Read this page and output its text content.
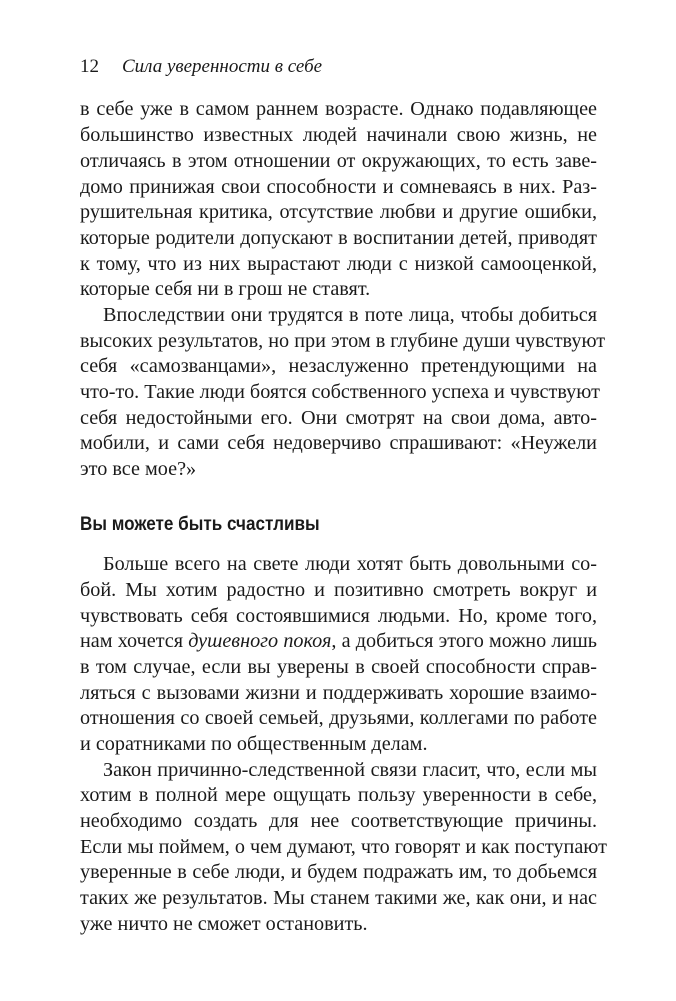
12 Сила уверенности в себе
в себе уже в самом раннем возрасте. Однако подавляющее
большинство известных людей начинали свою жизнь, не
отличаясь в этом отношении от окружающих, то есть заве-
домо принижая свои способности и сомневаясь в них. Раз-
рушительная критика, отсутствие любви и другие ошибки,
которые родители допускают в воспитании детей, приводят
к тому, что из них вырастают люди с низкой самооценкой,
которые себя ни в грош не ставят.
Впоследствии они трудятся в поте лица, чтобы добиться
высоких результатов, но при этом в глубине души чувствуют
себя «самозванцами», незаслуженно претендующими на
что-то. Такие люди боятся собственного успеха и чувствуют
себя недостойными его. Они смотрят на свои дома, авто-
мобили, и сами себя недоверчиво спрашивают: «Неужели
это все мое?»
Вы можете быть счастливы
Больше всего на свете люди хотят быть довольными со-
бой. Мы хотим радостно и позитивно смотреть вокруг и
чувствовать себя состоявшимися людьми. Но, кроме того,
нам хочется душевного покоя, а добиться этого можно лишь
в том случае, если вы уверены в своей способности справ-
ляться с вызовами жизни и поддерживать хорошие взаимо-
отношения со своей семьей, друзьями, коллегами по работе
и соратниками по общественным делам.
Закон причинно-следственной связи гласит, что, если мы
хотим в полной мере ощущать пользу уверенности в себе,
необходимо создать для нее соответствующие причины.
Если мы поймем, о чем думают, что говорят и как поступают
уверенные в себе люди, и будем подражать им, то добьемся
таких же результатов. Мы станем такими же, как они, и нас
уже ничто не сможет остановить.
